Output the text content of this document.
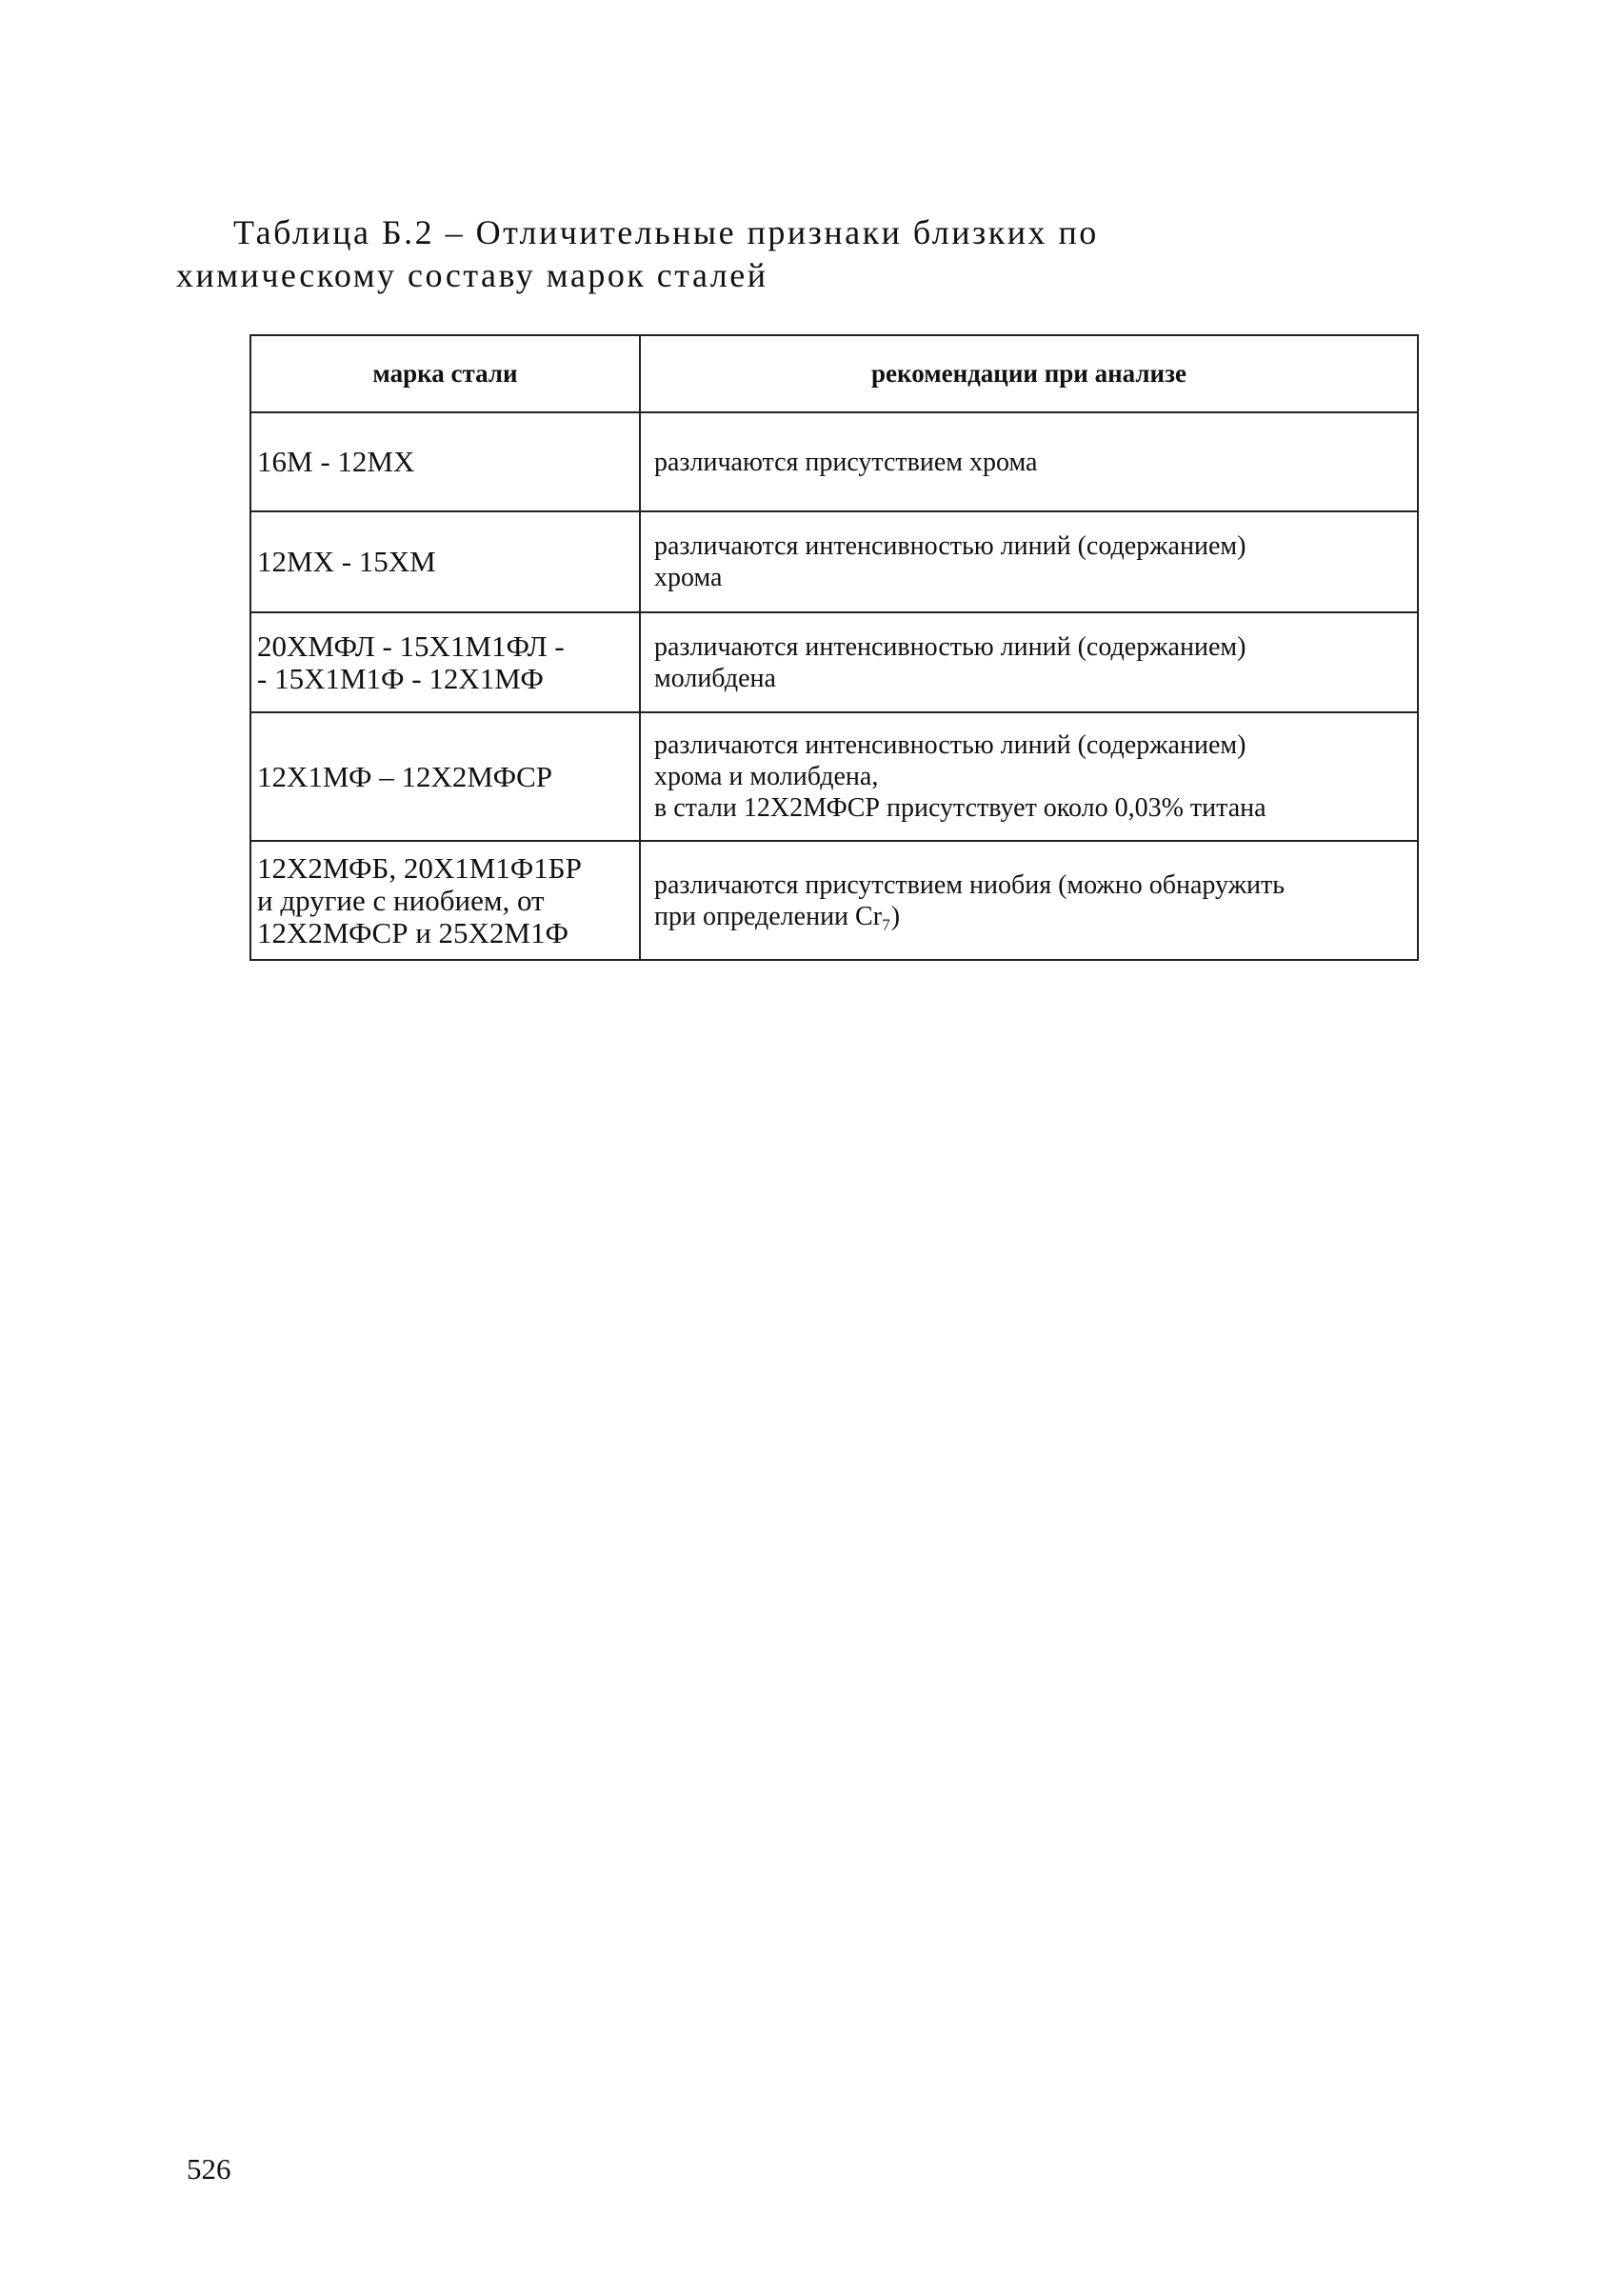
Таблица Б.2 – Отличительные признаки близких по
химическому составу марок сталей
марка стали	рекомендации при анализе

16М - 12МХ	различаются присутствием хрома

12МХ - 15ХМ	различаются интенсивностью линий (содержанием)
хрома

20ХМФЛ - 15Х1М1ФЛ -
- 15Х1М1Ф - 12Х1МФ	различаются интенсивностью линий (содержанием)
молибдена

12Х1МФ – 12Х2МФСР	различаются интенсивностью линий (содержанием)
хрома и молибдена,
в стали 12Х2МФСР присутствует около 0,03% титана

12Х2МФБ, 20Х1М1Ф1БР
и другие с ниобием, от
12Х2МФСР и 25Х2М1Ф	различаются присутствием ниобия (можно обнаружить
при определении Cr₇)
526
